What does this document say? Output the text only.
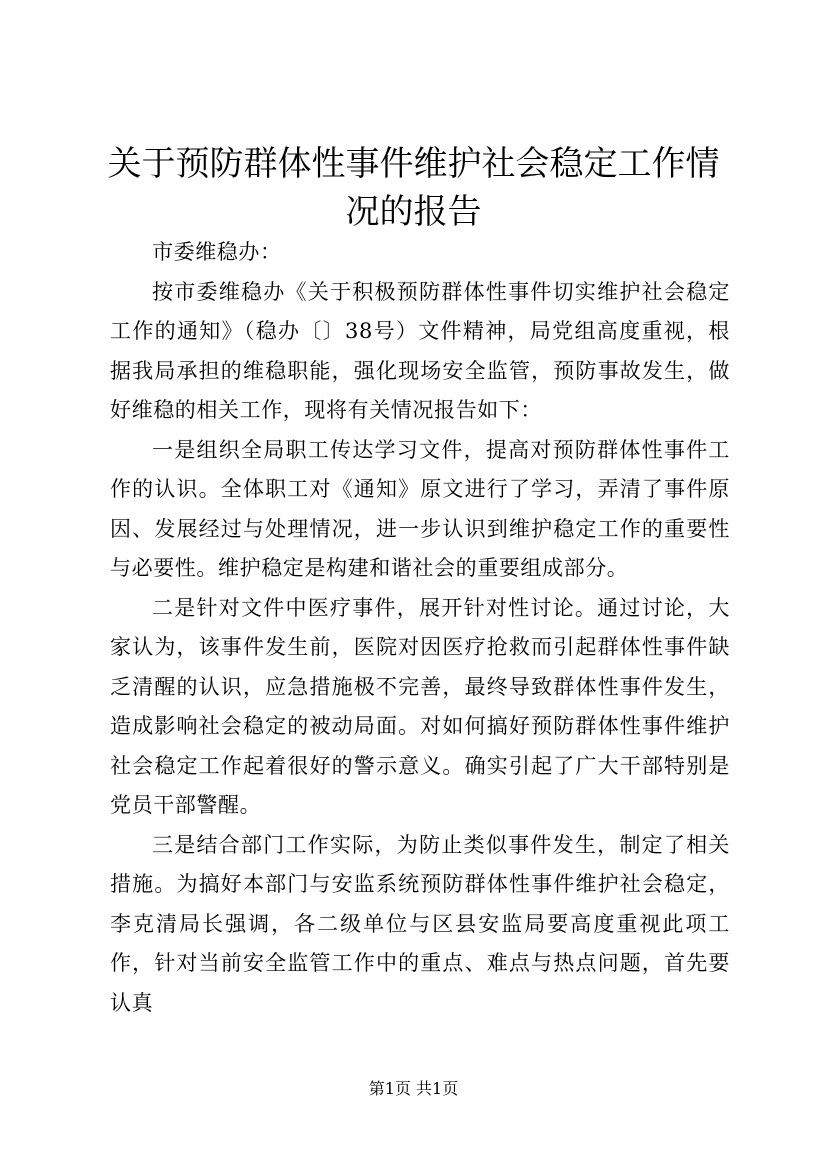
关于预防群体性事件维护社会稳定工作情况的报告

市委维稳办：

按市委维稳办《关于积极预防群体性事件切实维护社会稳定工作的通知》（稳办〔〕38号）文件精神，局党组高度重视，根据我局承担的维稳职能，强化现场安全监管，预防事故发生，做好维稳的相关工作，现将有关情况报告如下：

一是组织全局职工传达学习文件，提高对预防群体性事件工作的认识。全体职工对《通知》原文进行了学习，弄清了事件原因、发展经过与处理情况，进一步认识到维护稳定工作的重要性与必要性。维护稳定是构建和谐社会的重要组成部分。

二是针对文件中医疗事件，展开针对性讨论。通过讨论，大家认为，该事件发生前，医院对因医疗抢救而引起群体性事件缺乏清醒的认识，应急措施极不完善，最终导致群体性事件发生，造成影响社会稳定的被动局面。对如何搞好预防群体性事件维护社会稳定工作起着很好的警示意义。确实引起了广大干部特别是党员干部警醒。

三是结合部门工作实际，为防止类似事件发生，制定了相关措施。为搞好本部门与安监系统预防群体性事件维护社会稳定，李克清局长强调，各二级单位与区县安监局要高度重视此项工作，针对当前安全监管工作中的重点、难点与热点问题，首先要认真

第1页 共1页
